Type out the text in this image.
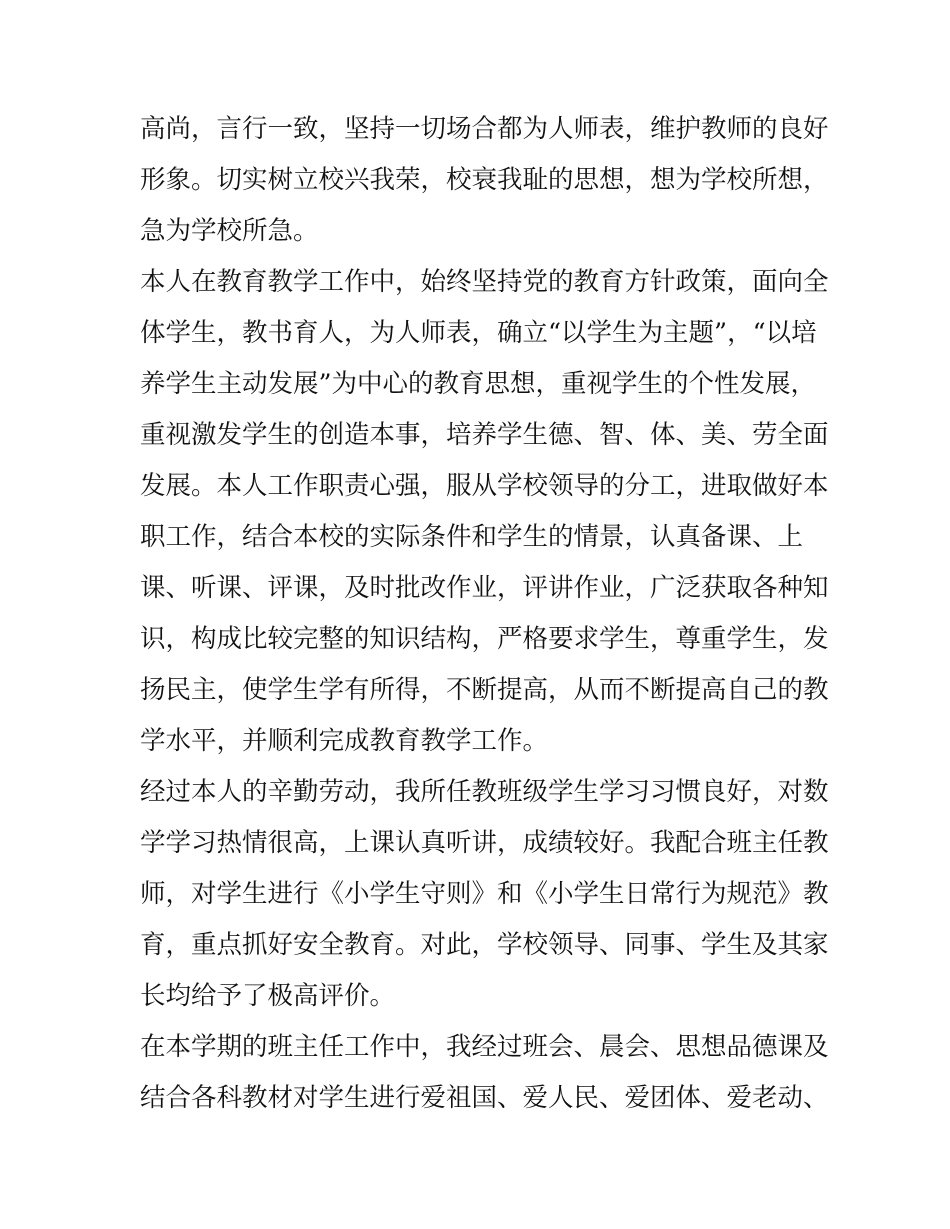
高尚，言行一致，坚持一切场合都为人师表，维护教师的良好
形象。切实树立校兴我荣，校衰我耻的思想，想为学校所想，
急为学校所急。
本人在教育教学工作中，始终坚持党的教育方针政策，面向全
体学生，教书育人，为人师表，确立“以学生为主题”，“以培
养学生主动发展”为中心的教育思想，重视学生的个性发展，
重视激发学生的创造本事，培养学生德、智、体、美、劳全面
发展。本人工作职责心强，服从学校领导的分工，进取做好本
职工作，结合本校的实际条件和学生的情景，认真备课、上
课、听课、评课，及时批改作业，评讲作业，广泛获取各种知
识，构成比较完整的知识结构，严格要求学生，尊重学生，发
扬民主，使学生学有所得，不断提高，从而不断提高自己的教
学水平，并顺利完成教育教学工作。
经过本人的辛勤劳动，我所任教班级学生学习习惯良好，对数
学学习热情很高，上课认真听讲，成绩较好。我配合班主任教
师，对学生进行《小学生守则》和《小学生日常行为规范》教
育，重点抓好安全教育。对此，学校领导、同事、学生及其家
长均给予了极高评价。
在本学期的班主任工作中，我经过班会、晨会、思想品德课及
结合各科教材对学生进行爱祖国、爱人民、爱团体、爱老动、
